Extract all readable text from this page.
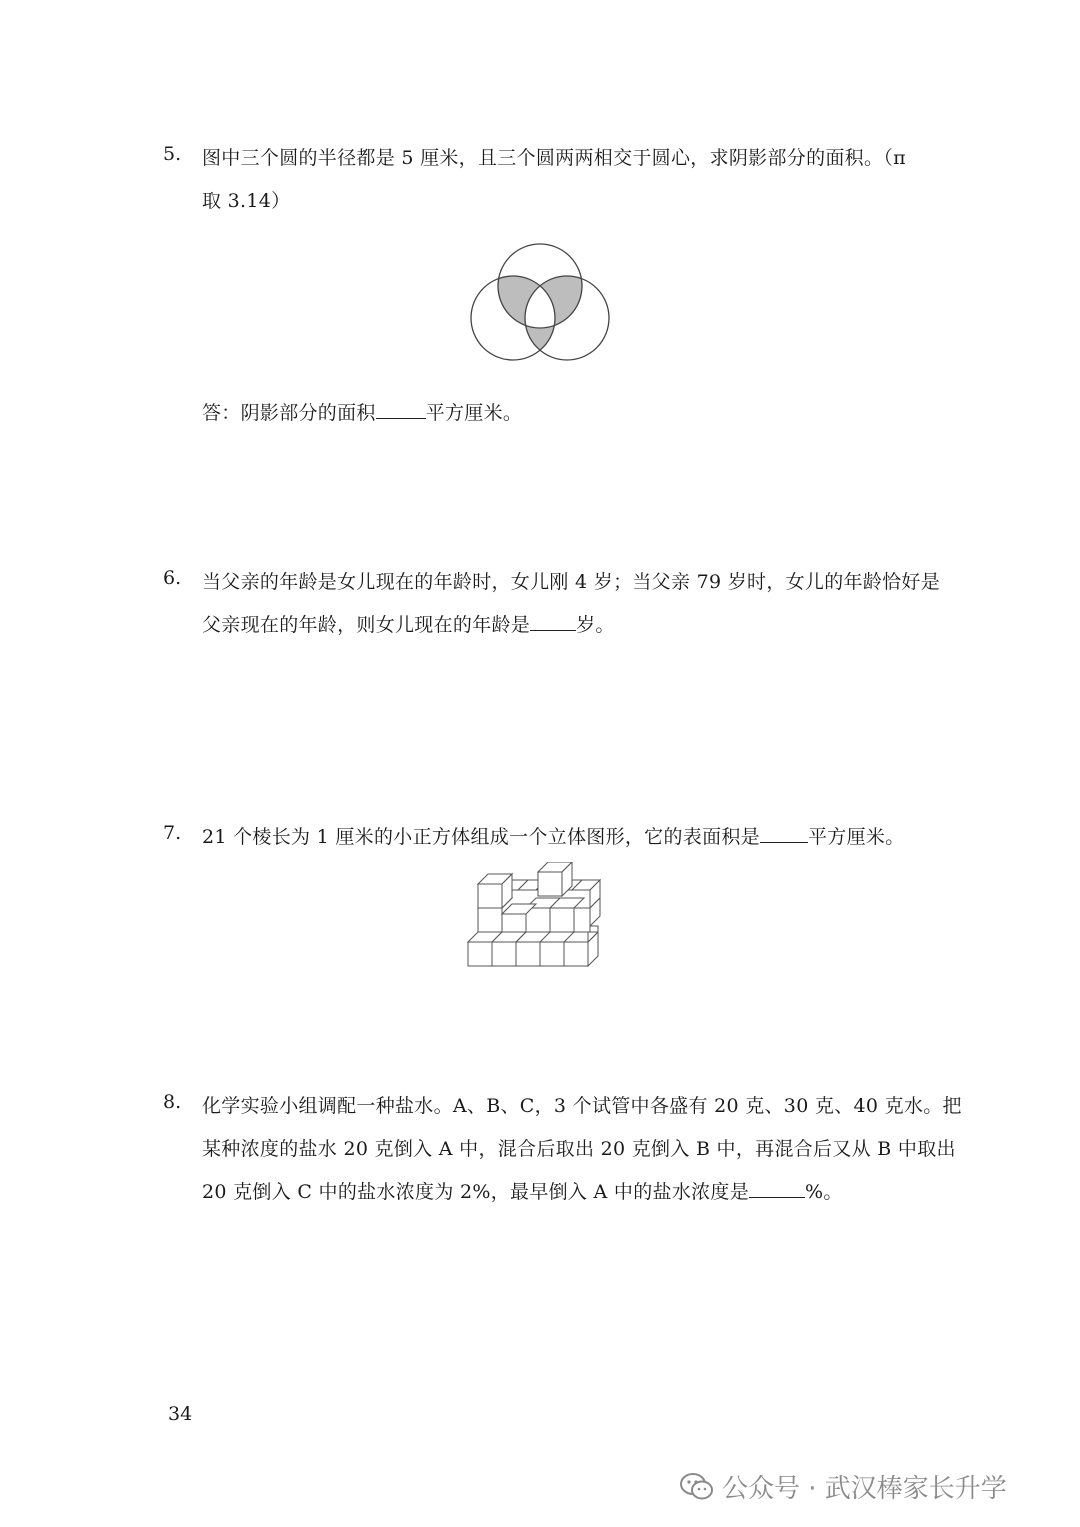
5. 图中三个圆的半径都是 5 厘米，且三个圆两两相交于圆心，求阴影部分的面积。（π
取 3.14）
答：阴影部分的面积	平方厘米。
6. 当父亲的年龄是女儿现在的年龄时，女儿刚 4 岁；当父亲 79 岁时，女儿的年龄恰好是
父亲现在的年龄，则女儿现在的年龄是 岁。
7. 21 个棱长为 1 厘米的小正方体组成一个立体图形，它的表面积是	平方厘米。
8. 化学实验小组调配一种盐水。A、B、C，3 个试管中各盛有 20 克、30 克、40 克水。把
某种浓度的盐水 20 克倒入 A 中，混合后取出 20 克倒入 B 中，再混合后又从 B 中取出
20 克倒入 C 中的盐水浓度为 2%，最早倒入 A 中的盐水浓度是	%。
34
公众号 · 武汉棒家长升学
